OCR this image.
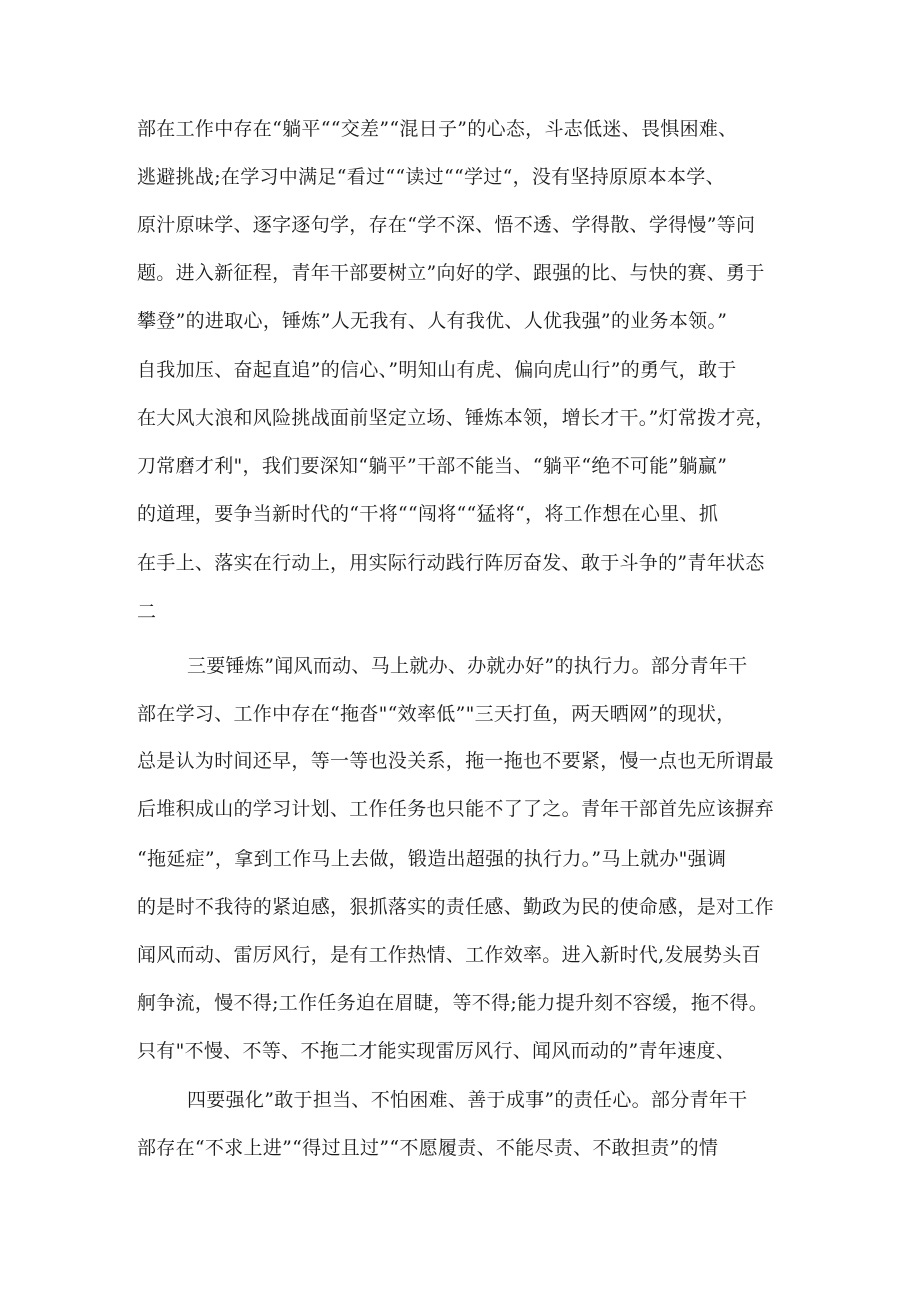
部在工作中存在“躺平““交差”“混日子”的心态，斗志低迷、畏惧困难、
逃避挑战;在学习中满足“看过““读过““学过“，没有坚持原原本本学、
原汁原味学、逐字逐句学，存在“学不深、悟不透、学得散、学得慢”等问
题。进入新征程，青年干部要树立”向好的学、跟强的比、与快的赛、勇于
攀登”的进取心，锤炼”人无我有、人有我优、人优我强”的业务本领。”
自我加压、奋起直追”的信心、”明知山有虎、偏向虎山行”的勇气，敢于
在大风大浪和风险挑战面前坚定立场、锤炼本领，增长才干。”灯常拨才亮，
刀常磨才利"，我们要深知“躺平”干部不能当、“躺平“绝不可能”躺赢”
的道理，要争当新时代的“干将““闯将““猛将“，将工作想在心里、抓
在手上、落实在行动上，用实际行动践行阵厉奋发、敢于斗争的”青年状态
二
三要锤炼”闻风而动、马上就办、办就办好”的执行力。部分青年干
部在学习、工作中存在“拖沓"“效率低”"三天打鱼，两天晒网”的现状，
总是认为时间还早，等一等也没关系，拖一拖也不要紧，慢一点也无所谓最
后堆积成山的学习计划、工作任务也只能不了了之。青年干部首先应该摒弃
“拖延症”，拿到工作马上去做，锻造出超强的执行力。”马上就办"强调
的是时不我待的紧迫感，狠抓落实的责任感、勤政为民的使命感，是对工作
闻风而动、雷厉风行，是有工作热情、工作效率。进入新时代,发展势头百
舸争流，慢不得;工作任务迫在眉睫，等不得;能力提升刻不容缓，拖不得。
只有"不慢、不等、不拖二才能实现雷厉风行、闻风而动的”青年速度、
四要强化”敢于担当、不怕困难、善于成事”的责任心。部分青年干
部存在“不求上进”“得过且过”“不愿履责、不能尽责、不敢担责”的情
